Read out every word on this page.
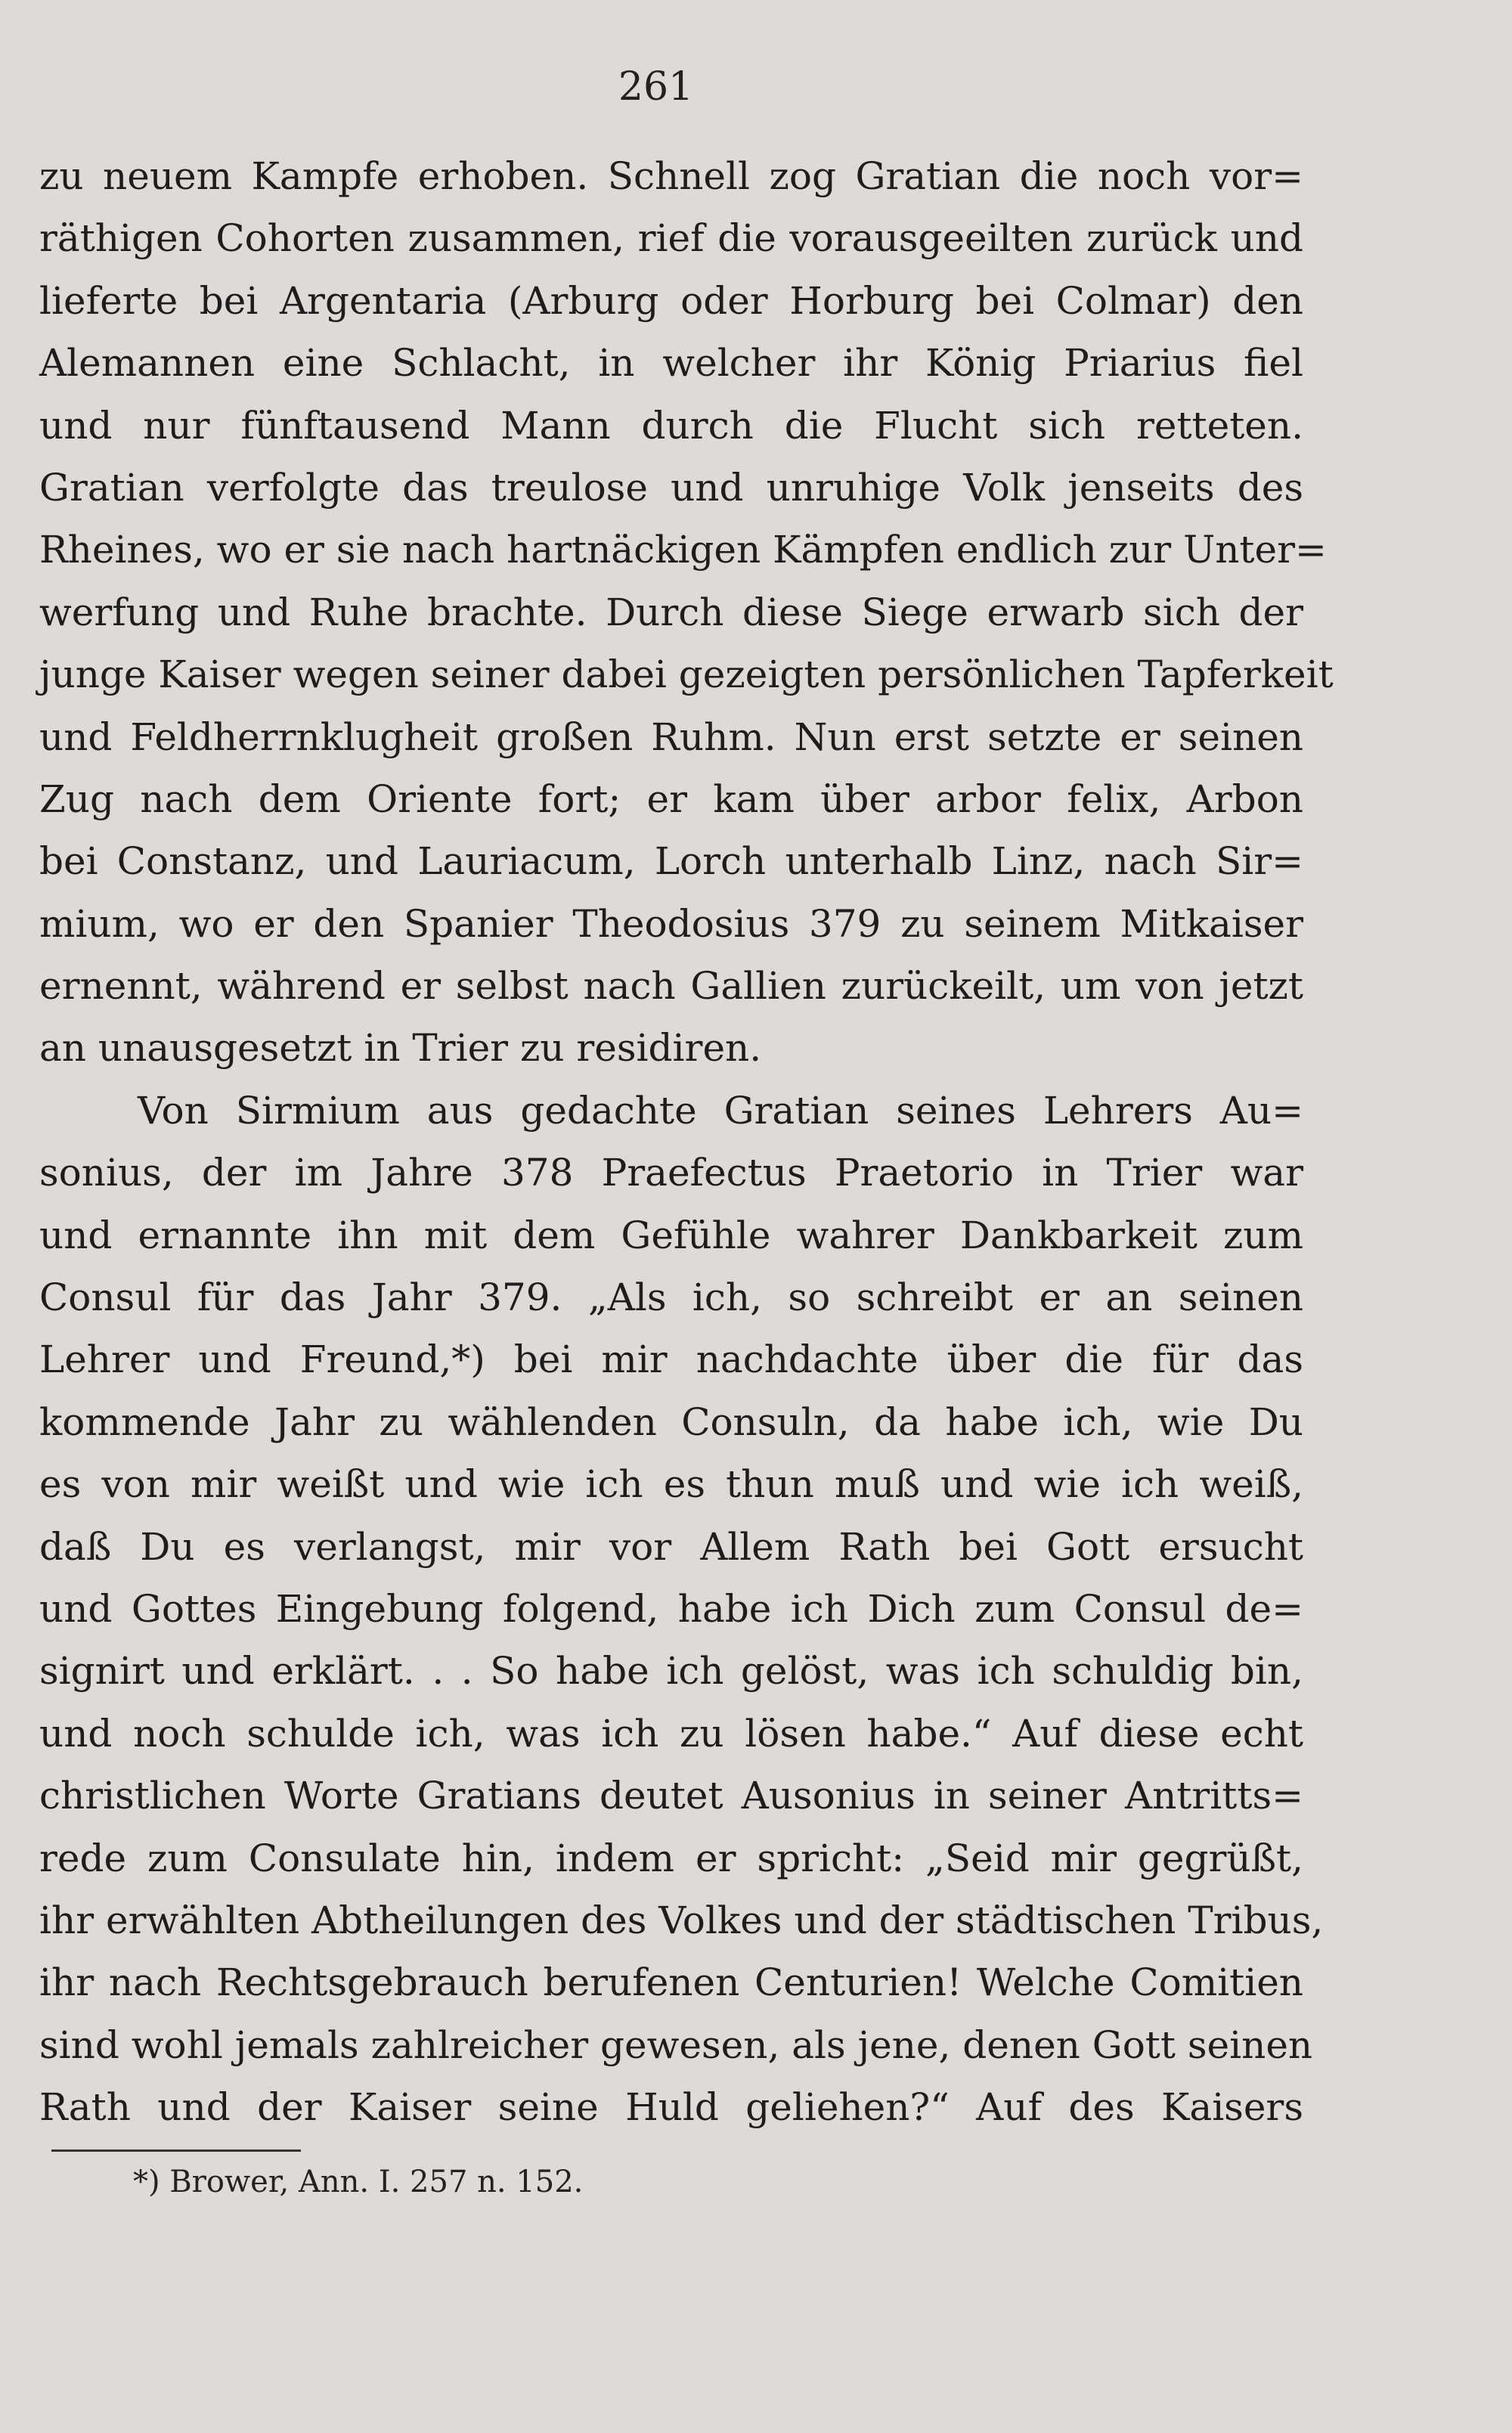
261
zu neuem Kampfe erhoben. Schnell zog Gratian die noch vor=
räthigen Cohorten zusammen, rief die vorausgeeilten zurück und
lieferte bei Argentaria (Arburg oder Horburg bei Colmar) den
Alemannen eine Schlacht, in welcher ihr König Priarius fiel
und nur fünftausend Mann durch die Flucht sich retteten.
Gratian verfolgte das treulose und unruhige Volk jenseits des
Rheines, wo er sie nach hartnäckigen Kämpfen endlich zur Unter=
werfung und Ruhe brachte. Durch diese Siege erwarb sich der
junge Kaiser wegen seiner dabei gezeigten persönlichen Tapferkeit
und Feldherrnklugheit großen Ruhm. Nun erst setzte er seinen
Zug nach dem Oriente fort; er kam über arbor felix, Arbon
bei Constanz, und Lauriacum, Lorch unterhalb Linz, nach Sir=
mium, wo er den Spanier Theodosius 379 zu seinem Mitkaiser
ernennt, während er selbst nach Gallien zurückeilt, um von jetzt
an unausgesetzt in Trier zu residiren.
Von Sirmium aus gedachte Gratian seines Lehrers Au=
sonius, der im Jahre 378 Praefectus Praetorio in Trier war
und ernannte ihn mit dem Gefühle wahrer Dankbarkeit zum
Consul für das Jahr 379. „Als ich, so schreibt er an seinen
Lehrer und Freund,*) bei mir nachdachte über die für das
kommende Jahr zu wählenden Consuln, da habe ich, wie Du
es von mir weißt und wie ich es thun muß und wie ich weiß,
daß Du es verlangst, mir vor Allem Rath bei Gott ersucht
und Gottes Eingebung folgend, habe ich Dich zum Consul de=
signirt und erklärt. . . So habe ich gelöst, was ich schuldig bin,
und noch schulde ich, was ich zu lösen habe.“ Auf diese echt
christlichen Worte Gratians deutet Ausonius in seiner Antritts=
rede zum Consulate hin, indem er spricht: „Seid mir gegrüßt,
ihr erwählten Abtheilungen des Volkes und der städtischen Tribus,
ihr nach Rechtsgebrauch berufenen Centurien! Welche Comitien
sind wohl jemals zahlreicher gewesen, als jene, denen Gott seinen
Rath und der Kaiser seine Huld geliehen?“ Auf des Kaisers
*) Brower, Ann. I. 257 n. 152.
